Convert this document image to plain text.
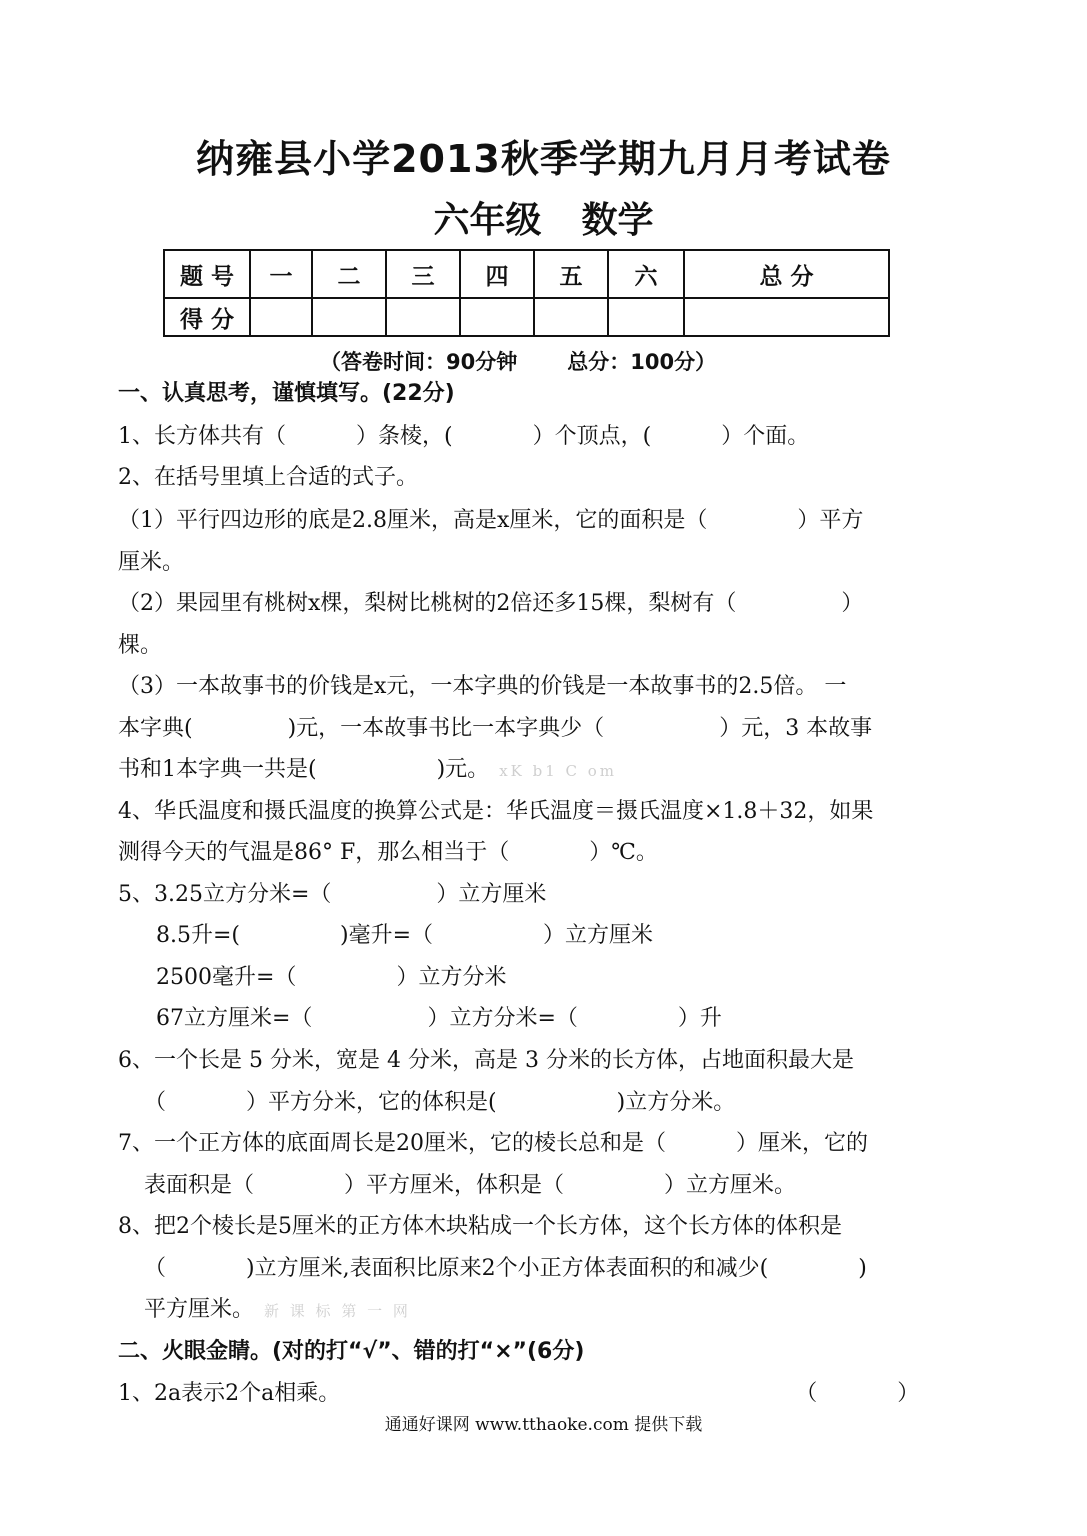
纳雍县小学2013秋季学期九月月考试卷
六年级 数学
题 号	一	二	三	四	五	六	总 分
得 分							
（答卷时间：90分钟 总分：100分）
一、认真思考，谨慎填写。(22分)
1、长方体共有（	）条棱，(	）个顶点，(	）个面。
2、在括号里填上合适的式子。
（1）平行四边形的底是2.8厘米，高是x厘米，它的面积是（	）平方
厘米。
（2）果园里有桃树x棵，梨树比桃树的2倍还多15棵，梨树有（	）
棵。
（3）一本故事书的价钱是x元，一本字典的价钱是一本故事书的2.5倍。 一
本字典(	)元，一本故事书比一本字典少（	）元，3 本故事
书和1本字典一共是(	)元。 xK b1 C om
4、华氏温度和摄氏温度的换算公式是：华氏温度＝摄氏温度×1.8＋32，如果
测得今天的气温是86° F，那么相当于（	）℃。
5、3.25立方分米=（	）立方厘米
8.5升=(	)毫升=（	）立方厘米
2500毫升=（	）立方分米
67立方厘米=（	）立方分米=（	）升
6、一个长是 5 分米，宽是 4 分米，高是 3 分米的长方体，占地面积最大是
（	）平方分米，它的体积是(	)立方分米。
7、一个正方体的底面周长是20厘米，它的棱长总和是（	）厘米，它的
表面积是（	）平方厘米，体积是（	）立方厘米。
8、把2个棱长是5厘米的正方体木块粘成一个长方体，这个长方体的体积是
（	)立方厘米,表面积比原来2个小正方体表面积的和减少(	)
平方厘米。 新 课 标 第 一 网
二、火眼金睛。(对的打“√”、错的打“×”(6分)
1、2a表示2个a相乘。	（	）
通通好课网 www.tthaoke.com 提供下载
